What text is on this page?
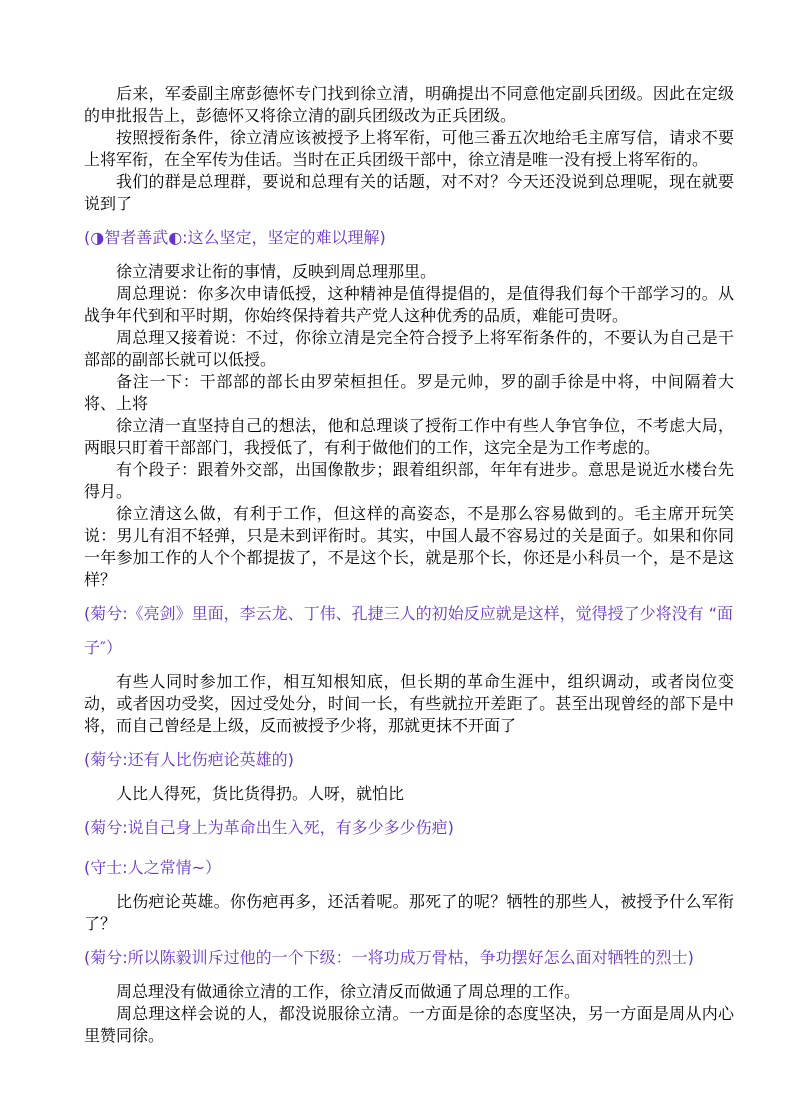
后来，军委副主席彭德怀专门找到徐立清，明确提出不同意他定副兵团级。因此在定级的申批报告上，彭德怀又将徐立清的副兵团级改为正兵团级。

按照授衔条件，徐立清应该被授予上将军衔，可他三番五次地给毛主席写信，请求不要上将军衔，在全军传为佳话。当时在正兵团级干部中，徐立清是唯一没有授上将军衔的。

我们的群是总理群，要说和总理有关的话题，对不对？今天还没说到总理呢，现在就要说到了

(◑智者善武◐:这么坚定，坚定的难以理解)

徐立清要求让衔的事情，反映到周总理那里。

周总理说：你多次申请低授，这种精神是值得提倡的，是值得我们每个干部学习的。从战争年代到和平时期，你始终保持着共产党人这种优秀的品质，难能可贵呀。

周总理又接着说：不过，你徐立清是完全符合授予上将军衔条件的，不要认为自己是干部部的副部长就可以低授。

备注一下：干部部的部长由罗荣桓担任。罗是元帅，罗的副手徐是中将，中间隔着大将、上将

徐立清一直坚持自己的想法，他和总理谈了授衔工作中有些人争官争位，不考虑大局，两眼只盯着干部部门，我授低了，有利于做他们的工作，这完全是为工作考虑的。

有个段子：跟着外交部，出国像散步；跟着组织部，年年有进步。意思是说近水楼台先得月。

徐立清这么做，有利于工作，但这样的高姿态，不是那么容易做到的。毛主席开玩笑说：男儿有泪不轻弹，只是未到评衔时。其实，中国人最不容易过的关是面子。如果和你同一年参加工作的人个个都提拔了，不是这个长，就是那个长，你还是小科员一个，是不是这样？

(菊兮:《亮剑》里面，李云龙、丁伟、孔捷三人的初始反应就是这样，觉得授了少将没有 “面子″）

有些人同时参加工作，相互知根知底，但长期的革命生涯中，组织调动，或者岗位变动，或者因功受奖，因过受处分，时间一长，有些就拉开差距了。甚至出现曾经的部下是中将，而自己曾经是上级，反而被授予少将，那就更抹不开面了

(菊兮:还有人比伤疤论英雄的)

人比人得死，货比货得扔。人呀，就怕比

(菊兮:说自己身上为革命出生入死，有多少多少伤疤)

(守士:人之常情~）

比伤疤论英雄。你伤疤再多，还活着呢。那死了的呢？牺牲的那些人，被授予什么军衔了？

(菊兮:所以陈毅训斥过他的一个下级：一将功成万骨枯，争功摆好怎么面对牺牲的烈士)

周总理没有做通徐立清的工作，徐立清反而做通了周总理的工作。

周总理这样会说的人，都没说服徐立清。一方面是徐的态度坚决，另一方面是周从内心里赞同徐。
